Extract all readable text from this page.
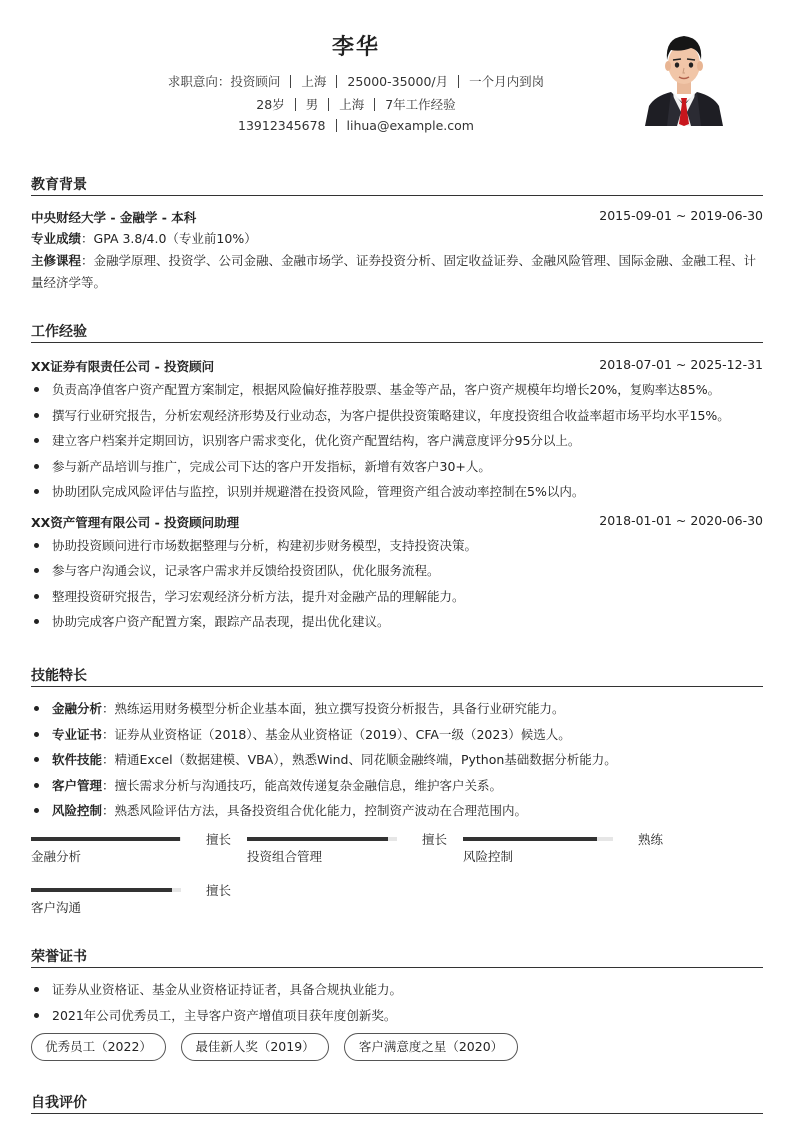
李华
求职意向：投资顾问 上海 25000-35000/月 一个月内到岗
28岁 男 上海 7年工作经验
13912345678 lihua@example.com
教育背景
中央财经大学 - 金融学 - 本科	2015-09-01 ~ 2019-06-30
专业成绩：GPA 3.8/4.0（专业前10%）
主修课程：金融学原理、投资学、公司金融、金融市场学、证券投资分析、固定收益证券、金融风险管理、国际金融、金融工程、计量经济学等。
工作经验
XX证券有限责任公司 - 投资顾问	2018-07-01 ~ 2025-12-31
负责高净值客户资产配置方案制定，根据风险偏好推荐股票、基金等产品，客户资产规模年均增长20%，复购率达85%。
撰写行业研究报告，分析宏观经济形势及行业动态，为客户提供投资策略建议，年度投资组合收益率超市场平均水平15%。
建立客户档案并定期回访，识别客户需求变化，优化资产配置结构，客户满意度评分95分以上。
参与新产品培训与推广，完成公司下达的客户开发指标，新增有效客户30+人。
协助团队完成风险评估与监控，识别并规避潜在投资风险，管理资产组合波动率控制在5%以内。
XX资产管理有限公司 - 投资顾问助理	2018-01-01 ~ 2020-06-30
协助投资顾问进行市场数据整理与分析，构建初步财务模型，支持投资决策。
参与客户沟通会议，记录客户需求并反馈给投资团队，优化服务流程。
整理投资研究报告，学习宏观经济分析方法，提升对金融产品的理解能力。
协助完成客户资产配置方案，跟踪产品表现，提出优化建议。
技能特长
金融分析：熟练运用财务模型分析企业基本面，独立撰写投资分析报告，具备行业研究能力。
专业证书：证券从业资格证（2018）、基金从业资格证（2019）、CFA一级（2023）候选人。
软件技能：精通Excel（数据建模、VBA），熟悉Wind、同花顺金融终端，Python基础数据分析能力。
客户管理：擅长需求分析与沟通技巧，能高效传递复杂金融信息，维护客户关系。
风险控制：熟悉风险评估方法，具备投资组合优化能力，控制资产波动在合理范围内。
擅长
金融分析
擅长
投资组合管理
熟练
风险控制
擅长
客户沟通
荣誉证书
证券从业资格证、基金从业资格证持证者，具备合规执业能力。
2021年公司优秀员工，主导客户资产增值项目获年度创新奖。
优秀员工（2022）	最佳新人奖（2019）	客户满意度之星（2020）
自我评价
